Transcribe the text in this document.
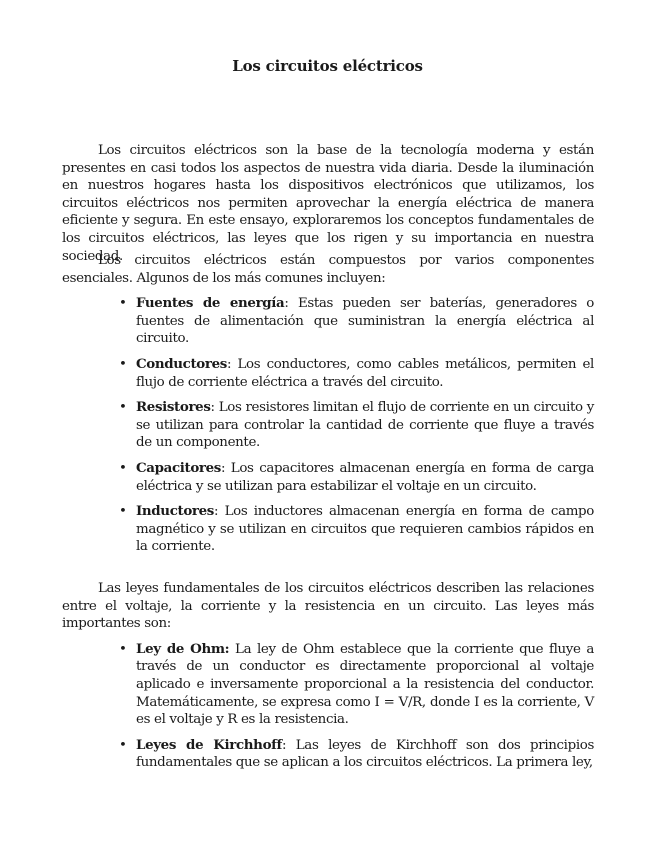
Los circuitos eléctricos

Los circuitos eléctricos son la base de la tecnología moderna y están presentes en casi todos los aspectos de nuestra vida diaria. Desde la iluminación en nuestros hogares hasta los dispositivos electrónicos que utilizamos, los circuitos eléctricos nos permiten aprovechar la energía eléctrica de manera eficiente y segura. En este ensayo, exploraremos los conceptos fundamentales de los circuitos eléctricos, las leyes que los rigen y su importancia en nuestra sociedad.

Los circuitos eléctricos están compuestos por varios componentes esenciales. Algunos de los más comunes incluyen:

• Fuentes de energía: Estas pueden ser baterías, generadores o fuentes de alimentación que suministran la energía eléctrica al circuito.
• Conductores: Los conductores, como cables metálicos, permiten el flujo de corriente eléctrica a través del circuito.
• Resistores: Los resistores limitan el flujo de corriente en un circuito y se utilizan para controlar la cantidad de corriente que fluye a través de un componente.
• Capacitores: Los capacitores almacenan energía en forma de carga eléctrica y se utilizan para estabilizar el voltaje en un circuito.
• Inductores: Los inductores almacenan energía en forma de campo magnético y se utilizan en circuitos que requieren cambios rápidos en la corriente.

Las leyes fundamentales de los circuitos eléctricos describen las relaciones entre el voltaje, la corriente y la resistencia en un circuito. Las leyes más importantes son:

• Ley de Ohm: La ley de Ohm establece que la corriente que fluye a través de un conductor es directamente proporcional al voltaje aplicado e inversamente proporcional a la resistencia del conductor. Matemáticamente, se expresa como I = V/R, donde I es la corriente, V es el voltaje y R es la resistencia.
• Leyes de Kirchhoff: Las leyes de Kirchhoff son dos principios fundamentales que se aplican a los circuitos eléctricos. La primera ley,
